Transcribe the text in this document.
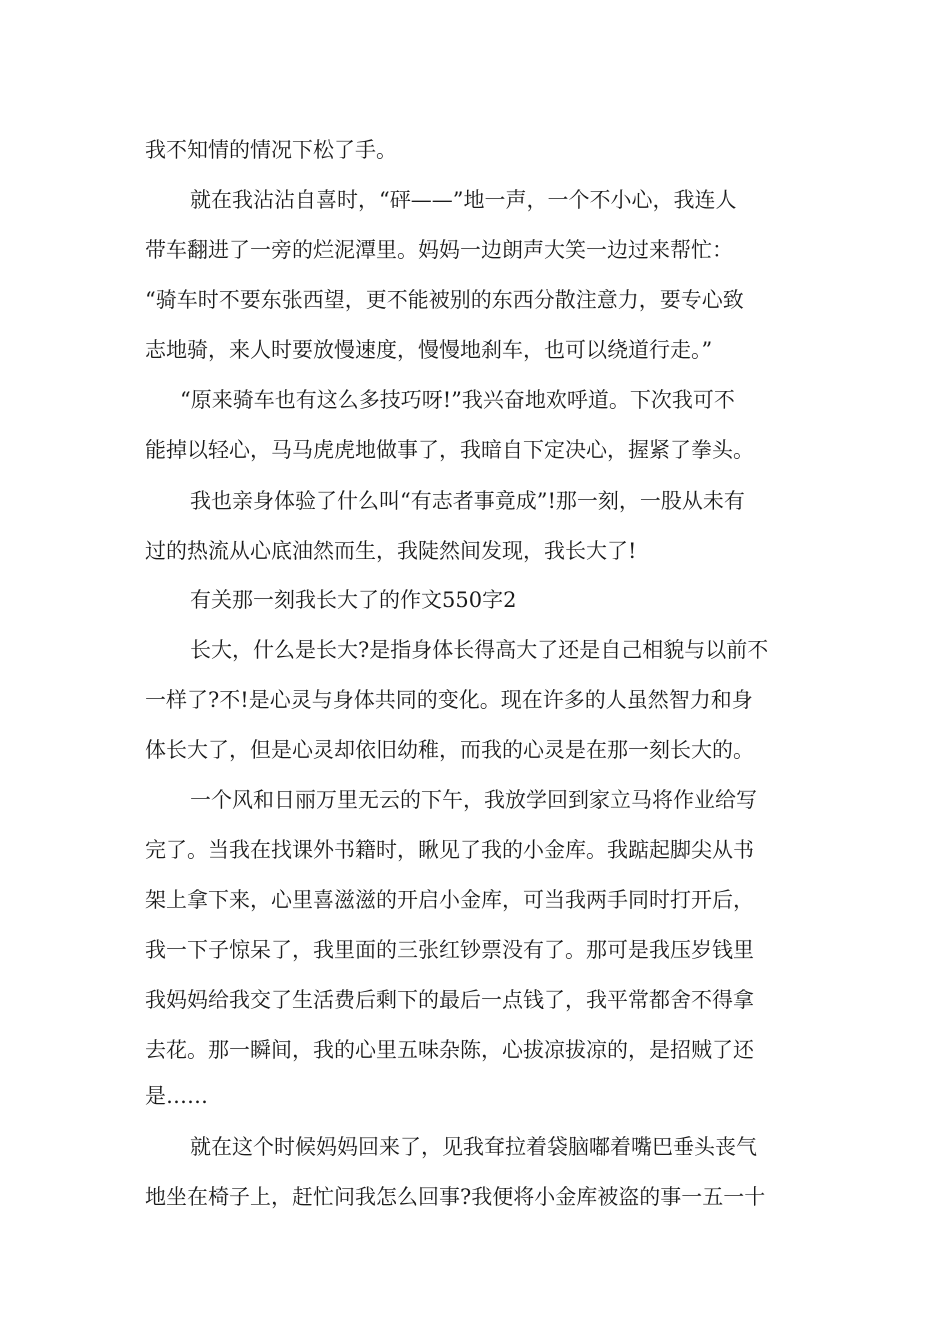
我不知情的情况下松了手。

就在我沾沾自喜时，“砰——”地一声，一个不小心，我连人

带车翻进了一旁的烂泥潭里。妈妈一边朗声大笑一边过来帮忙：

“骑车时不要东张西望，更不能被别的东西分散注意力，要专心致

志地骑，来人时要放慢速度，慢慢地刹车，也可以绕道行走。”

“原来骑车也有这么多技巧呀!”我兴奋地欢呼道。下次我可不

能掉以轻心，马马虎虎地做事了，我暗自下定决心，握紧了拳头。

我也亲身体验了什么叫“有志者事竟成”!那一刻，一股从未有

过的热流从心底油然而生，我陡然间发现，我长大了!

有关那一刻我长大了的作文550字2

长大，什么是长大?是指身体长得高大了还是自己相貌与以前不

一样了?不!是心灵与身体共同的变化。现在许多的人虽然智力和身

体长大了，但是心灵却依旧幼稚，而我的心灵是在那一刻长大的。

一个风和日丽万里无云的下午，我放学回到家立马将作业给写

完了。当我在找课外书籍时，瞅见了我的小金库。我踮起脚尖从书

架上拿下来，心里喜滋滋的开启小金库，可当我两手同时打开后，

我一下子惊呆了，我里面的三张红钞票没有了。那可是我压岁钱里

我妈妈给我交了生活费后剩下的最后一点钱了，我平常都舍不得拿

去花。那一瞬间，我的心里五味杂陈，心拔凉拔凉的，是招贼了还

是……

就在这个时候妈妈回来了，见我耷拉着袋脑嘟着嘴巴垂头丧气

地坐在椅子上，赶忙问我怎么回事?我便将小金库被盗的事一五一十
